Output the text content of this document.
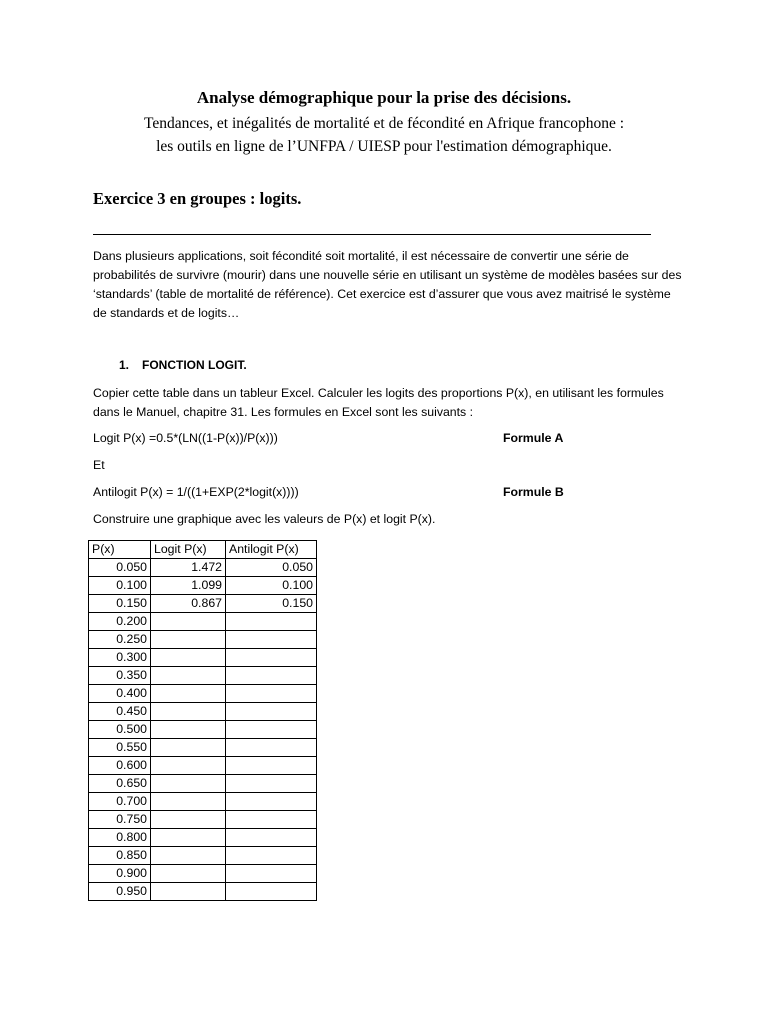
Analyse démographique pour la prise des décisions.
Tendances, et inégalités de mortalité et de fécondité en Afrique francophone :
les outils en ligne de l’UNFPA / UIESP pour l'estimation démographique.
Exercice 3 en groupes : logits.
Dans plusieurs applications, soit fécondité soit mortalité, il est nécessaire de convertir une série de probabilités de survivre (mourir) dans une nouvelle série en utilisant un système de modèles basées sur des ‘standards’ (table de mortalité de référence). Cet exercice est d’assurer que vous avez maitrisé le système de standards et de logits…
1. FONCTION LOGIT.
Copier cette table dans un tableur Excel. Calculer les logits des proportions P(x), en utilisant les formules dans le Manuel, chapitre 31. Les formules en Excel sont les suivants :
Logit P(x) =0.5*(LN((1-P(x))/P(x)))	Formule A
Et
Antilogit P(x) = 1/((1+EXP(2*logit(x))))	Formule B
Construire une graphique avec les valeurs de P(x) et logit P(x).
P(x)	Logit P(x)	Antilogit P(x)
0.050	1.472	0.050
0.100	1.099	0.100
0.150	0.867	0.150
0.200		
0.250		
0.300		
0.350		
0.400		
0.450		
0.500		
0.550		
0.600		
0.650		
0.700		
0.750		
0.800		
0.850		
0.900		
0.950		
